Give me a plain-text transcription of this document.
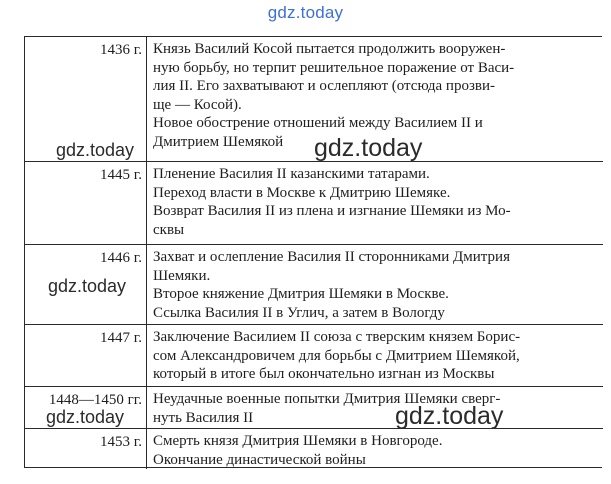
gdz.today
1436 г. Князь Василий Косой пытается продолжить вооружен-
ную борьбу, но терпит решительное поражение от Васи-
лия II. Его захватывают и ослепляют (отсюда прозви-
ще — Косой).
Новое обострение отношений между Василием II и
Дмитрием Шемякой
1445 г. Пленение Василия II казанскими татарами.
Переход власти в Москве к Дмитрию Шемяке.
Возврат Василия II из плена и изгнание Шемяки из Мо-
сквы
1446 г. Захват и ослепление Василия II сторонниками Дмитрия
Шемяки.
Второе княжение Дмитрия Шемяки в Москве.
Ссылка Василия II в Углич, а затем в Вологду
1447 г. Заключение Василием II союза с тверским князем Борис-
сом Александровичем для борьбы с Дмитрием Шемякой,
который в итоге был окончательно изгнан из Москвы
1448—1450 гг. Неудачные военные попытки Дмитрия Шемяки сверг-
нуть Василия II
1453 г. Смерть князя Дмитрия Шемяки в Новгороде.
Окончание династической войны
gdz.today	gdz.today
gdz.today
gdz.today	gdz.today
